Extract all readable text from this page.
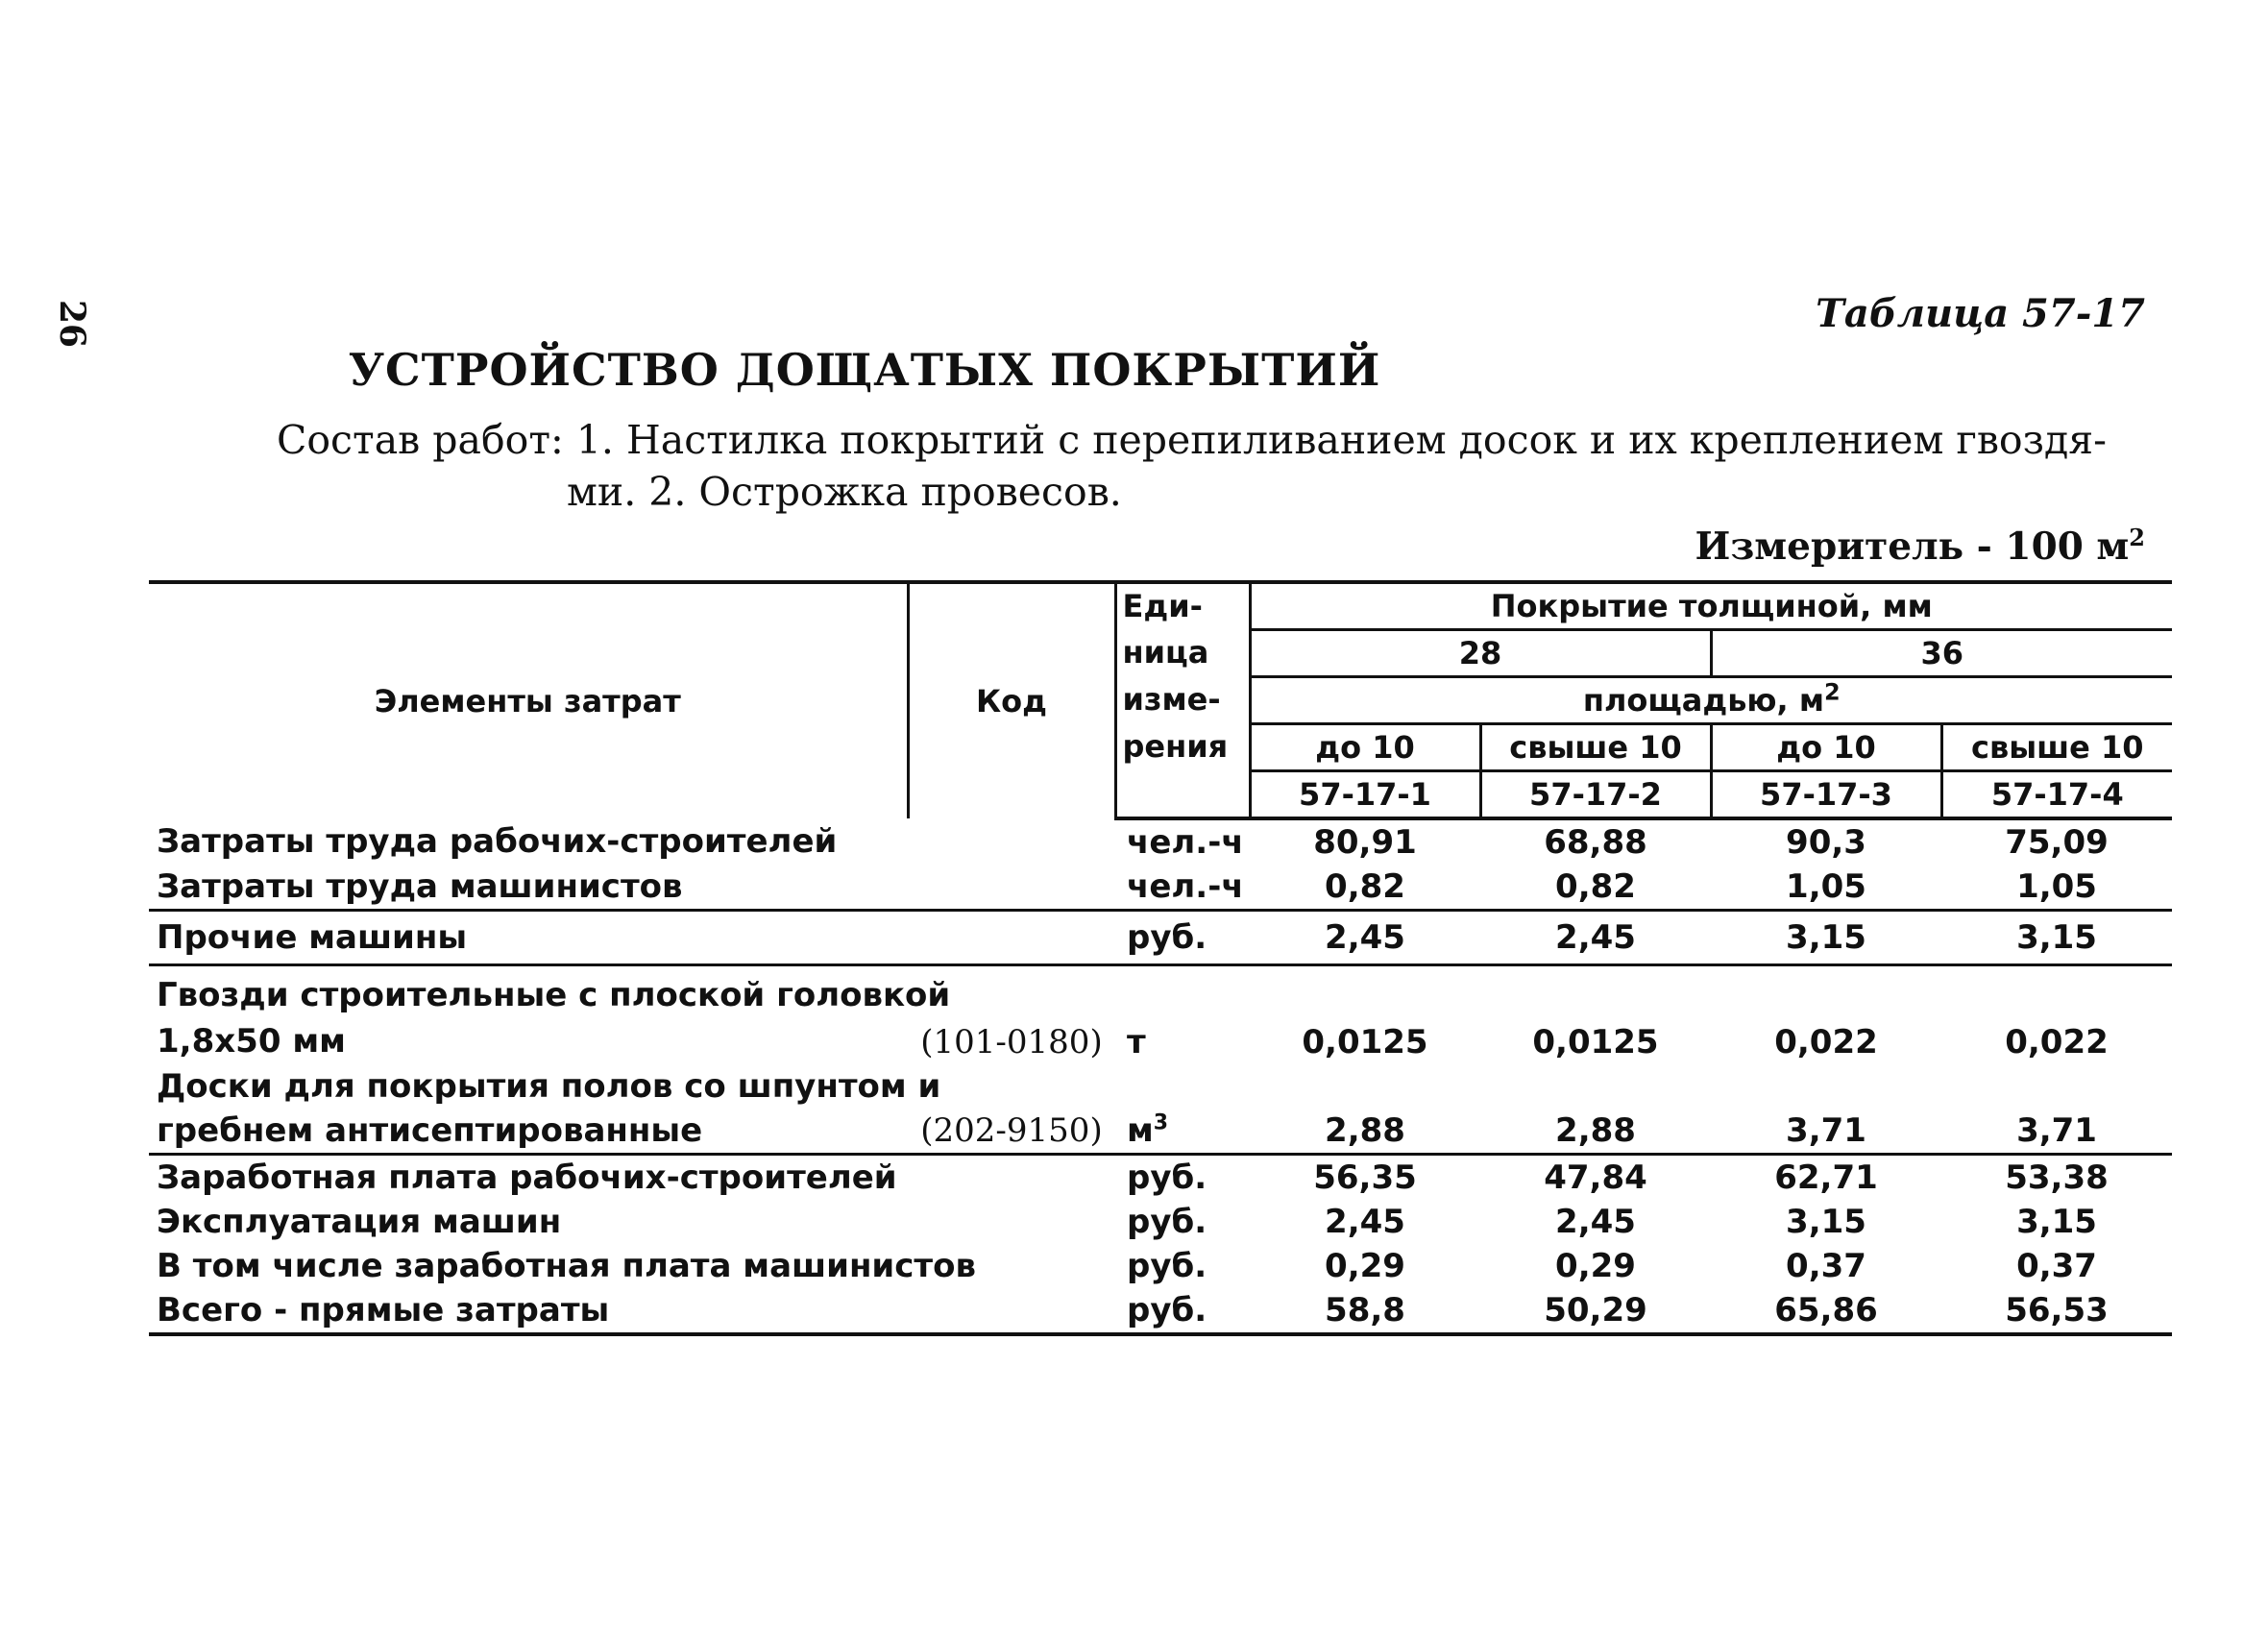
26	Таблица 57-17
УСТРОЙСТВО ДОЩАТЫХ ПОКРЫТИЙ
Состав работ: 1. Настилка покрытий с перепиливанием досок и их креплением гвоздя-
ми. 2. Острожка провесов.
Измеритель - 100 $м^2$
Элементы затрат	Код	Еди-	Покрытие толщиной, мм			
		ница	28		36	
		изме-	площадью, $м^2$
		рения	до 10	свыше 10	до 10	свыше 10
			57-17-1	57-17-2	57-17-3	57-17-4
Затраты труда рабочих-строителей		чел.-ч	80,91	68,88	90,3	75,09
Затраты труда машинистов		чел.-ч	0,82	0,82	1,05	1,05
Прочие машины		руб.	2,45	2,45	3,15	3,15

Гвозди строительные с плоской головкой
1,8x50 мм	(101-0180)	т	0,0125	0,0125	0,022	0,022

Доски для покрытия полов со шпунтом и
гребнем антисептированные	(202-9150)	$м^3$	2,88	2,88	3,71	3,71
Заработная плата рабочих-строителей		руб.	56,35	47,84	62,71	53,38
Эксплуатация машин		руб.	2,45	2,45	3,15	3,15
В том числе заработная плата машинистов		руб.	0,29	0,29	0,37	0,37
Всего - прямые затраты		руб.	58,8	50,29	65,86	56,53
